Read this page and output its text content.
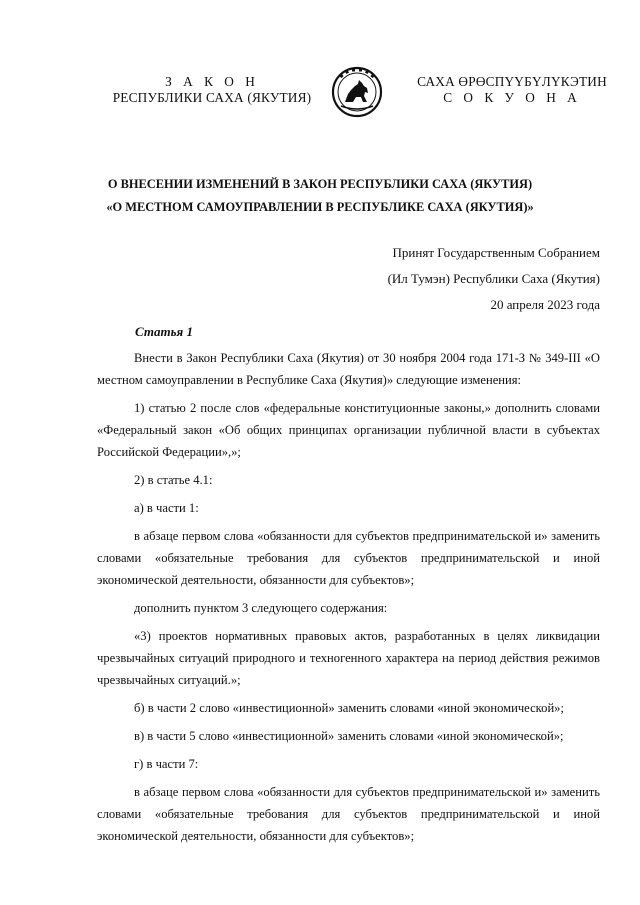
З А К О Н
РЕСПУБЛИКИ САХА (ЯКУТИЯ)
САХА ӨРӨСПҮҮБҮЛҮКЭТИН
С О К У О Н А
О ВНЕСЕНИИ ИЗМЕНЕНИЙ В ЗАКОН РЕСПУБЛИКИ САХА (ЯКУТИЯ)
«О МЕСТНОМ САМОУПРАВЛЕНИИ В РЕСПУБЛИКЕ САХА (ЯКУТИЯ)»
Принят Государственным Собранием
(Ил Тумэн) Республики Саха (Якутия)
20 апреля 2023 года
Статья 1

Внести в Закон Республики Саха (Якутия) от 30 ноября 2004 года 171-З № 349-III «О местном самоуправлении в Республике Саха (Якутия)» следующие изменения:

1) статью 2 после слов «федеральные конституционные законы,» дополнить словами «Федеральный закон «Об общих принципах организации публичной власти в субъектах Российской Федерации»,»;

2) в статье 4.1:

а) в части 1:

в абзаце первом слова «обязанности для субъектов предпринимательской и» заменить словами «обязательные требования для субъектов предпринимательской и иной экономической деятельности, обязанности для субъектов»;

дополнить пунктом 3 следующего содержания:

«3) проектов нормативных правовых актов, разработанных в целях ликвидации чрезвычайных ситуаций природного и техногенного характера на период действия режимов чрезвычайных ситуаций.»;

б) в части 2 слово «инвестиционной» заменить словами «иной экономической»;

в) в части 5 слово «инвестиционной» заменить словами «иной экономической»;

г) в части 7:

в абзаце первом слова «обязанности для субъектов предпринимательской и» заменить словами «обязательные требования для субъектов предпринимательской и иной экономической деятельности, обязанности для субъектов»;
